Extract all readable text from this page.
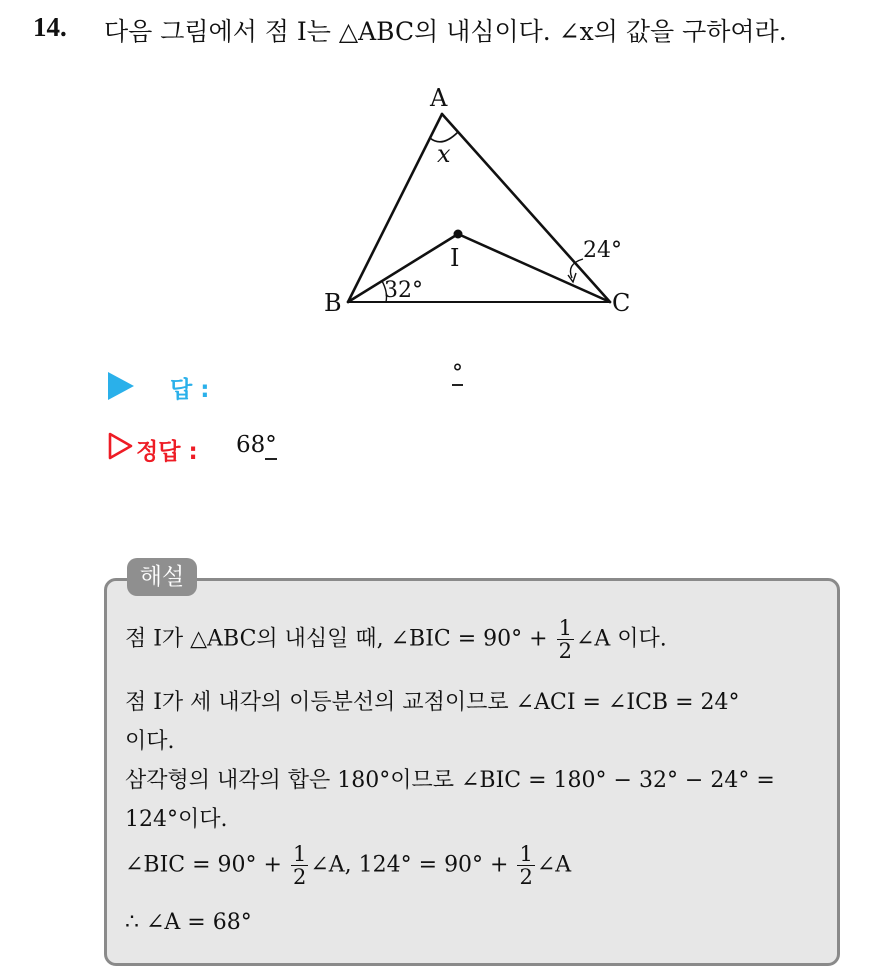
14. 다음 그림에서 점 I는 △ABC의 내심이다. ∠x의 값을 구하여라.
A
B	C
I
x
32°
24°
답 :
°
정답 : 68°
해설
점 I가 △ABC의 내심일 때, ∠BIC = $90^\circ + \frac{1}{2}$ ∠A 이다.
점 I가 세 내각의 이등분선의 교점이므로 ∠ACI = ∠ICB = 24°
이다.
삼각형의 내각의 합은 180°이므로 ∠BIC = 180° − 32° − 24° =
124°이다.
∠BIC = $90^\circ + \frac{1}{2}$ ∠A, $124^\circ = 90^\circ + \frac{1}{2}$ ∠A
∴ ∠A = 68°
